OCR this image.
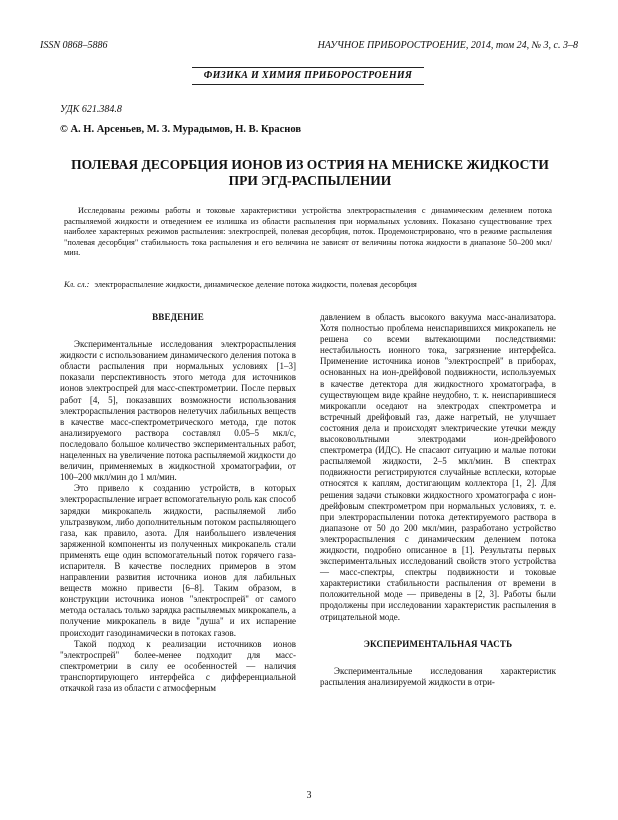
ISSN 0868–5886	НАУЧНОЕ ПРИБОРОСТРОЕНИЕ, 2014, том 24, № 3, c. 3–8
ФИЗИКА И ХИМИЯ ПРИБОРОСТРОЕНИЯ
УДК 621.384.8
© А. Н. Арсеньев, М. З. Мурадымов, Н. В. Краснов
ПОЛЕВАЯ ДЕСОРБЦИЯ ИОНОВ ИЗ ОСТРИЯ НА МЕНИСКЕ ЖИДКОСТИ ПРИ ЭГД-РАСПЫЛЕНИИ
Исследованы режимы работы и токовые характеристики устройства электрораспыления с динамическим делением потока распыляемой жидкости и отведением ее излишка из области распыления при нормальных условиях. Показано существование трех наиболее характерных режимов распыления: электроспрей, полевая десорбция, поток. Продемонстрировано, что в режиме распыления "полевая десорбция" стабильность тока распыления и его величина не зависят от величины потока жидкости в диапазоне 50–200 мкл/мин.
Кл. сл.: электрораспыление жидкости, динамическое деление потока жидкости, полевая десорбция
ВВЕДЕНИЕ

Экспериментальные исследования электрораспыления жидкости с использованием динамического деления потока в области распыления при нормальных условиях [1–3] показали перспективность этого метода для источников ионов электроспрей для масс-спектрометрии. После первых работ [4, 5], показавших возможности использования электрораспыления растворов нелетучих лабильных веществ в качестве масс-спектрометрического метода, где поток анализируемого раствора составлял 0.05–5 мкл/с, последовало большое количество экспериментальных работ, нацеленных на увеличение потока распыляемой жидкости до величин, применяемых в жидкостной хроматографии, от 100–200 мкл/мин до 1 мл/мин.

Это привело к созданию устройств, в которых электрораспыление играет вспомогательную роль как способ зарядки микрокапель жидкости, распыляемой либо ультразвуком, либо дополнительным потоком распыляющего газа, как правило, азота. Для наибольшего извлечения заряженной компоненты из полученных микрокапель стали применять еще один вспомогательный поток горячего газа-испарителя. В качестве последних примеров в этом направлении развития источника ионов для лабильных веществ можно привести [6–8]. Таким образом, в конструкции источника ионов "электроспрей" от самого метода осталась только зарядка распыляемых микрокапель, а получение микрокапель в виде "душа" и их испарение происходит газодинамически в потоках газов.

Такой подход к реализации источников ионов "электроспрей" более-менее подходит для масс-спектрометрии в силу ее особенностей — наличия транспортирующего интерфейса с дифференциальной откачкой газа из области с атмосферным

давлением в область высокого вакуума масс-анализатора. Хотя полностью проблема неиспарившихся микрокапель не решена со всеми вытекающими последствиями: нестабильность ионного тока, загрязнение интерфейса. Применение источника ионов "электроспрей" в приборах, основанных на ион-дрейфовой подвижности, используемых в качестве детектора для жидкостного хроматографа, в существующем виде крайне неудобно, т. к. неиспарившиеся микрокапли оседают на электродах спектрометра и встречный дрейфовый газ, даже нагретый, не улучшает состояния дела и происходят электрические утечки между высоковольтными электродами ион-дрейфового спектрометра (ИДС). Не спасают ситуацию и малые потоки распыляемой жидкости, 2–5 мкл/мин. В спектрах подвижности регистрируются случайные всплески, которые относятся к каплям, достигающим коллектора [1, 2]. Для решения задачи стыковки жидкостного хроматографа с ион-дрейфовым спектрометром при нормальных условиях, т. е. при электрораспылении потока детектируемого раствора в диапазоне от 50 до 200 мкл/мин, разработано устройство электрораспыления с динамическим делением потока жидкости, подробно описанное в [1]. Результаты первых экспериментальных исследований свойств этого устройства — масс-спектры, спектры подвижности и токовые характеристики стабильности распыления от времени в положительной моде — приведены в [2, 3]. Работы были продолжены при исследовании характеристик распыления в отрицательной моде.

ЭКСПЕРИМЕНТАЛЬНАЯ ЧАСТЬ

Экспериментальные исследования характеристик распыления анализируемой жидкости в отри-

3
